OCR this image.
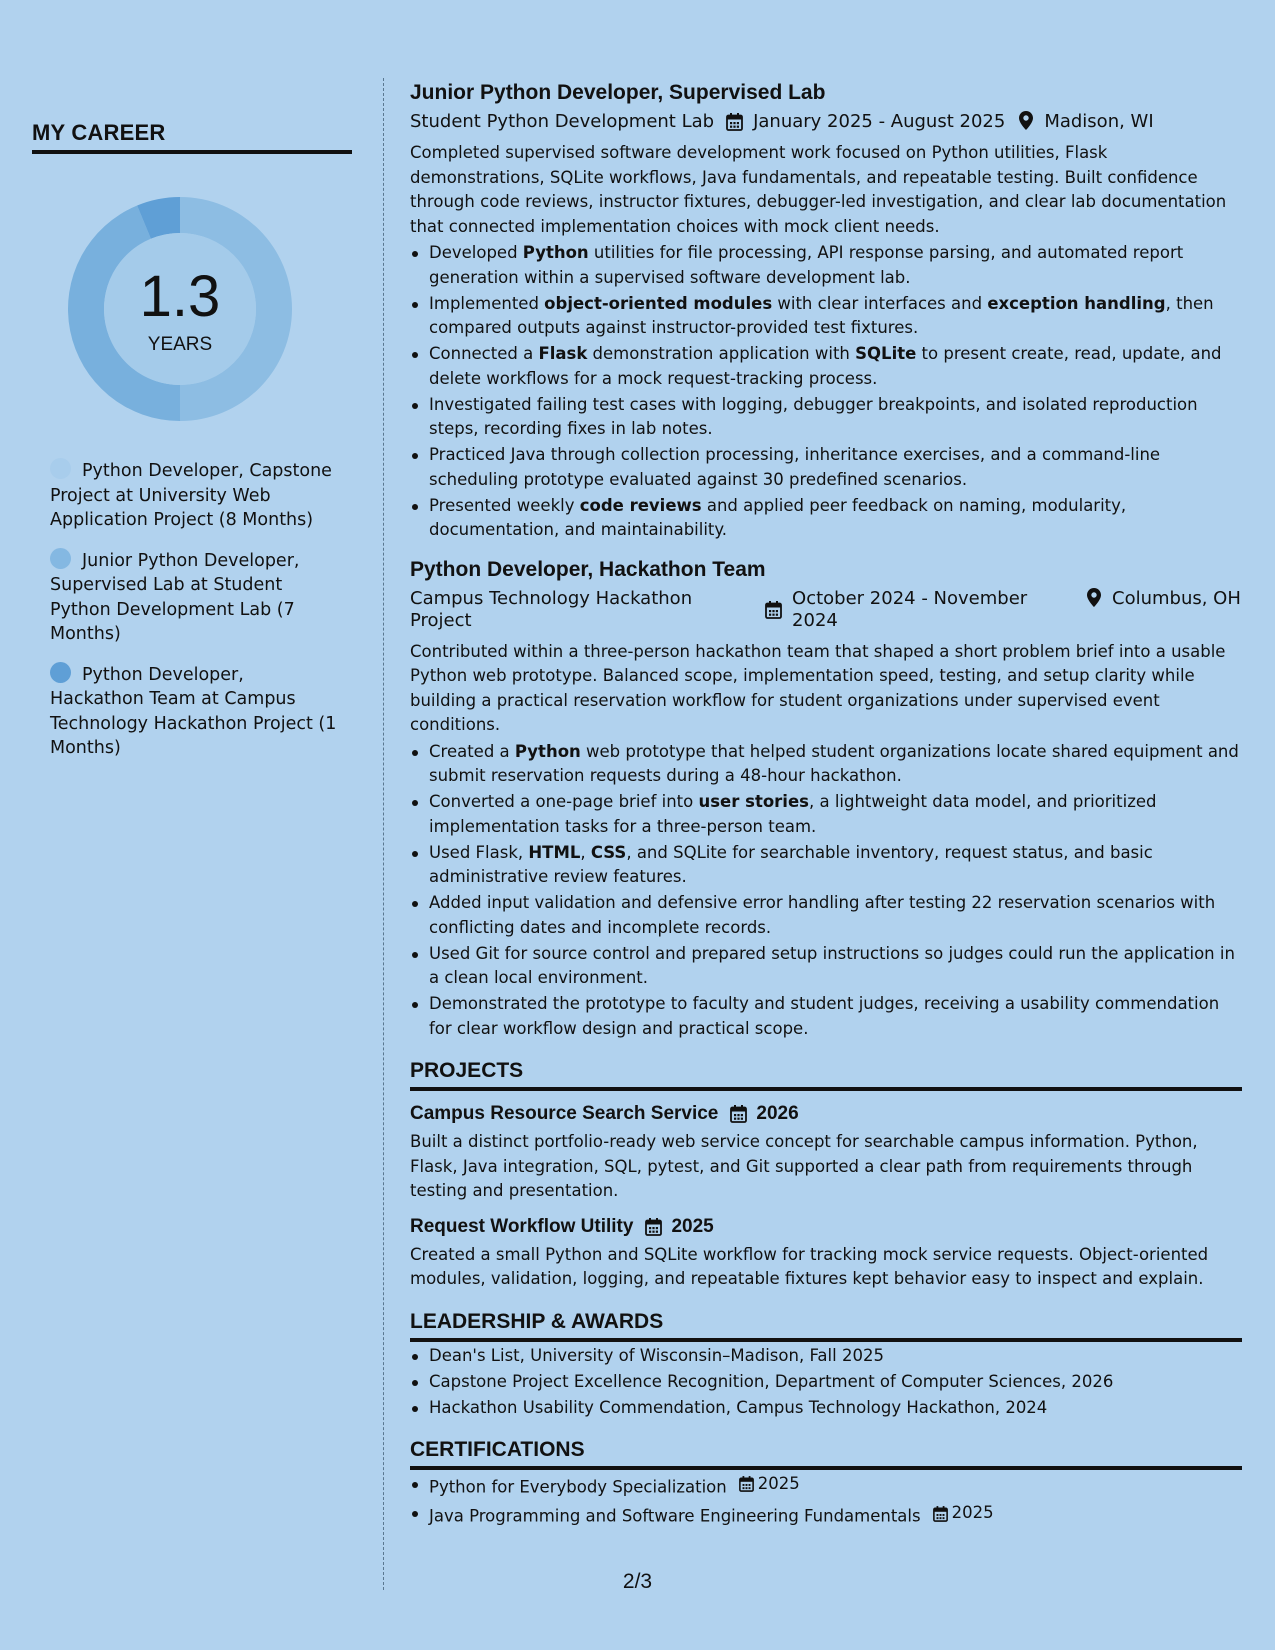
MY CAREER
1.3
YEARS
Python Developer, Capstone Project at University Web Application Project (8 Months)
Junior Python Developer, Supervised Lab at Student Python Development Lab (7 Months)
Python Developer, Hackathon Team at Campus Technology Hackathon Project (1 Months)
Junior Python Developer, Supervised Lab
Student Python Development Lab January 2025 - August 2025 Madison, WI

Completed supervised software development work focused on Python utilities, Flask demonstrations, SQLite workflows, Java fundamentals, and repeatable testing. Built confidence through code reviews, instructor fixtures, debugger-led investigation, and clear lab documentation that connected implementation choices with mock client needs.

Developed Python utilities for file processing, API response parsing, and automated report generation within a supervised software development lab.
Implemented object-oriented modules with clear interfaces and exception handling, then compared outputs against instructor-provided test fixtures.
Connected a Flask demonstration application with SQLite to present create, read, update, and delete workflows for a mock request-tracking process.
Investigated failing test cases with logging, debugger breakpoints, and isolated reproduction steps, recording fixes in lab notes.
Practiced Java through collection processing, inheritance exercises, and a command-line scheduling prototype evaluated against 30 predefined scenarios.
Presented weekly code reviews and applied peer feedback on naming, modularity, documentation, and maintainability.
Python Developer, Hackathon Team
Campus Technology Hackathon Project
October 2024 - November 2024
Columbus, OH

Contributed within a three-person hackathon team that shaped a short problem brief into a usable Python web prototype. Balanced scope, implementation speed, testing, and setup clarity while building a practical reservation workflow for student organizations under supervised event conditions.

Created a Python web prototype that helped student organizations locate shared equipment and submit reservation requests during a 48-hour hackathon.
Converted a one-page brief into user stories, a lightweight data model, and prioritized implementation tasks for a three-person team.
Used Flask, HTML, CSS, and SQLite for searchable inventory, request status, and basic administrative review features.
Added input validation and defensive error handling after testing 22 reservation scenarios with conflicting dates and incomplete records.
Used Git for source control and prepared setup instructions so judges could run the application in a clean local environment.
Demonstrated the prototype to faculty and student judges, receiving a usability commendation for clear workflow design and practical scope.
PROJECTS
Campus Resource Search Service 2026

Built a distinct portfolio-ready web service concept for searchable campus information. Python, Flask, Java integration, SQL, pytest, and Git supported a clear path from requirements through testing and presentation.

Request Workflow Utility 2025

Created a small Python and SQLite workflow for tracking mock service requests. Object-oriented modules, validation, logging, and repeatable fixtures kept behavior easy to inspect and explain.

LEADERSHIP & AWARDS
Dean's List, University of Wisconsin–Madison, Fall 2025
Capstone Project Excellence Recognition, Department of Computer Sciences, 2026
Hackathon Usability Commendation, Campus Technology Hackathon, 2024
CERTIFICATIONS
Python for Everybody Specialization 2025
Java Programming and Software Engineering Fundamentals 2025
2/3
